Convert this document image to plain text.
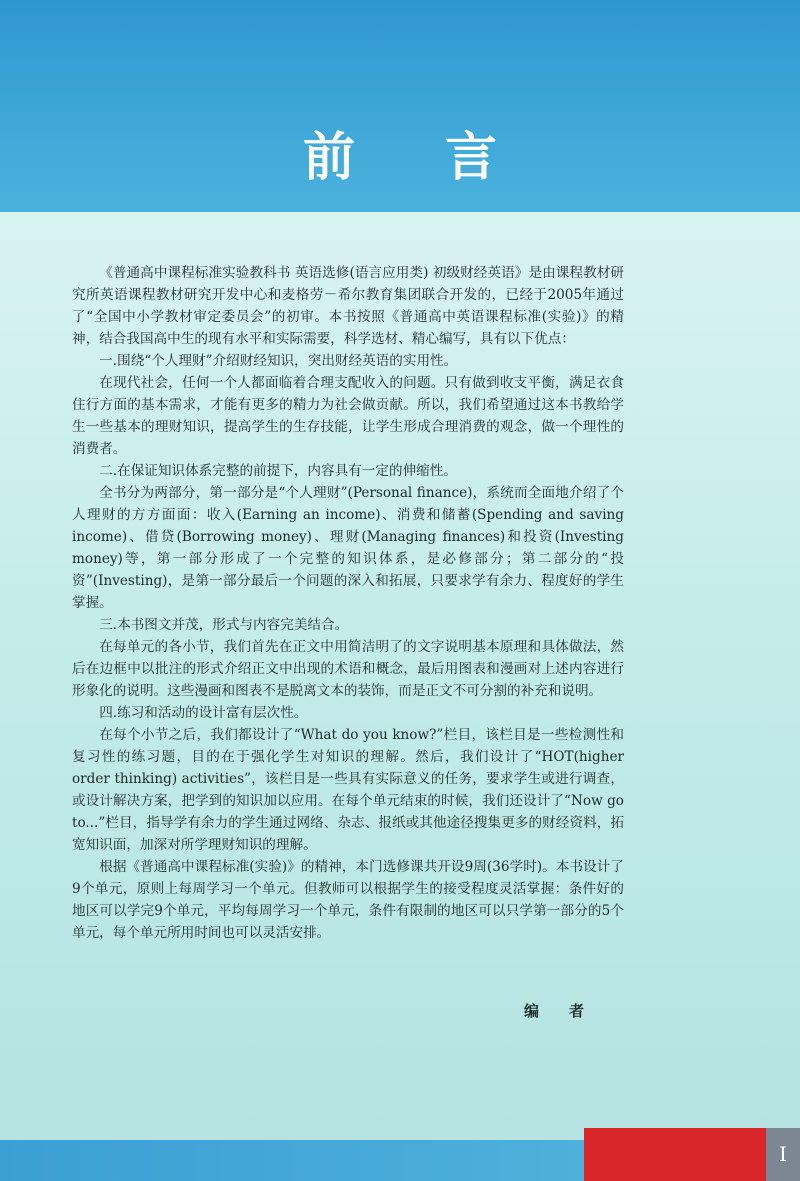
前言

《普通高中课程标准实验教科书 英语选修(语言应用类) 初级财经英语》是由课程教材研究所英语课程教材研究开发中心和麦格劳－希尔教育集团联合开发的，已经于2005年通过了“全国中小学教材审定委员会”的初审。本书按照《普通高中英语课程标准(实验)》的精神，结合我国高中生的现有水平和实际需要，科学选材、精心编写，具有以下优点：

一.围绕“个人理财”介绍财经知识，突出财经英语的实用性。

在现代社会，任何一个人都面临着合理支配收入的问题。只有做到收支平衡，满足衣食住行方面的基本需求，才能有更多的精力为社会做贡献。所以，我们希望通过这本书教给学生一些基本的理财知识，提高学生的生存技能，让学生形成合理消费的观念，做一个理性的消费者。

二.在保证知识体系完整的前提下，内容具有一定的伸缩性。

全书分为两部分，第一部分是“个人理财”(Personal finance)，系统而全面地介绍了个人理财的方方面面：收入(Earning an income)、消费和储蓄(Spending and saving income)、借贷(Borrowing money)、理财(Managing finances)和投资(Investing money)等，第一部分形成了一个完整的知识体系，是必修部分；第二部分的“投资”(Investing)，是第一部分最后一个问题的深入和拓展，只要求学有余力、程度好的学生掌握。

三.本书图文并茂，形式与内容完美结合。

在每单元的各小节，我们首先在正文中用简洁明了的文字说明基本原理和具体做法，然后在边框中以批注的形式介绍正文中出现的术语和概念，最后用图表和漫画对上述内容进行形象化的说明。这些漫画和图表不是脱离文本的装饰，而是正文不可分割的补充和说明。

四.练习和活动的设计富有层次性。

在每个小节之后，我们都设计了“What do you know?”栏目，该栏目是一些检测性和复习性的练习题，目的在于强化学生对知识的理解。然后，我们设计了“HOT(higher order thinking) activities”，该栏目是一些具有实际意义的任务，要求学生或进行调查，或设计解决方案，把学到的知识加以应用。在每个单元结束的时候，我们还设计了“Now go to...”栏目，指导学有余力的学生通过网络、杂志、报纸或其他途径搜集更多的财经资料，拓宽知识面，加深对所学理财知识的理解。

根据《普通高中课程标准(实验)》的精神，本门选修课共开设9周(36学时)。本书设计了9个单元，原则上每周学习一个单元。但教师可以根据学生的接受程度灵活掌握：条件好的地区可以学完9个单元，平均每周学习一个单元，条件有限制的地区可以只学第一部分的5个单元，每个单元所用时间也可以灵活安排。

编者
I
